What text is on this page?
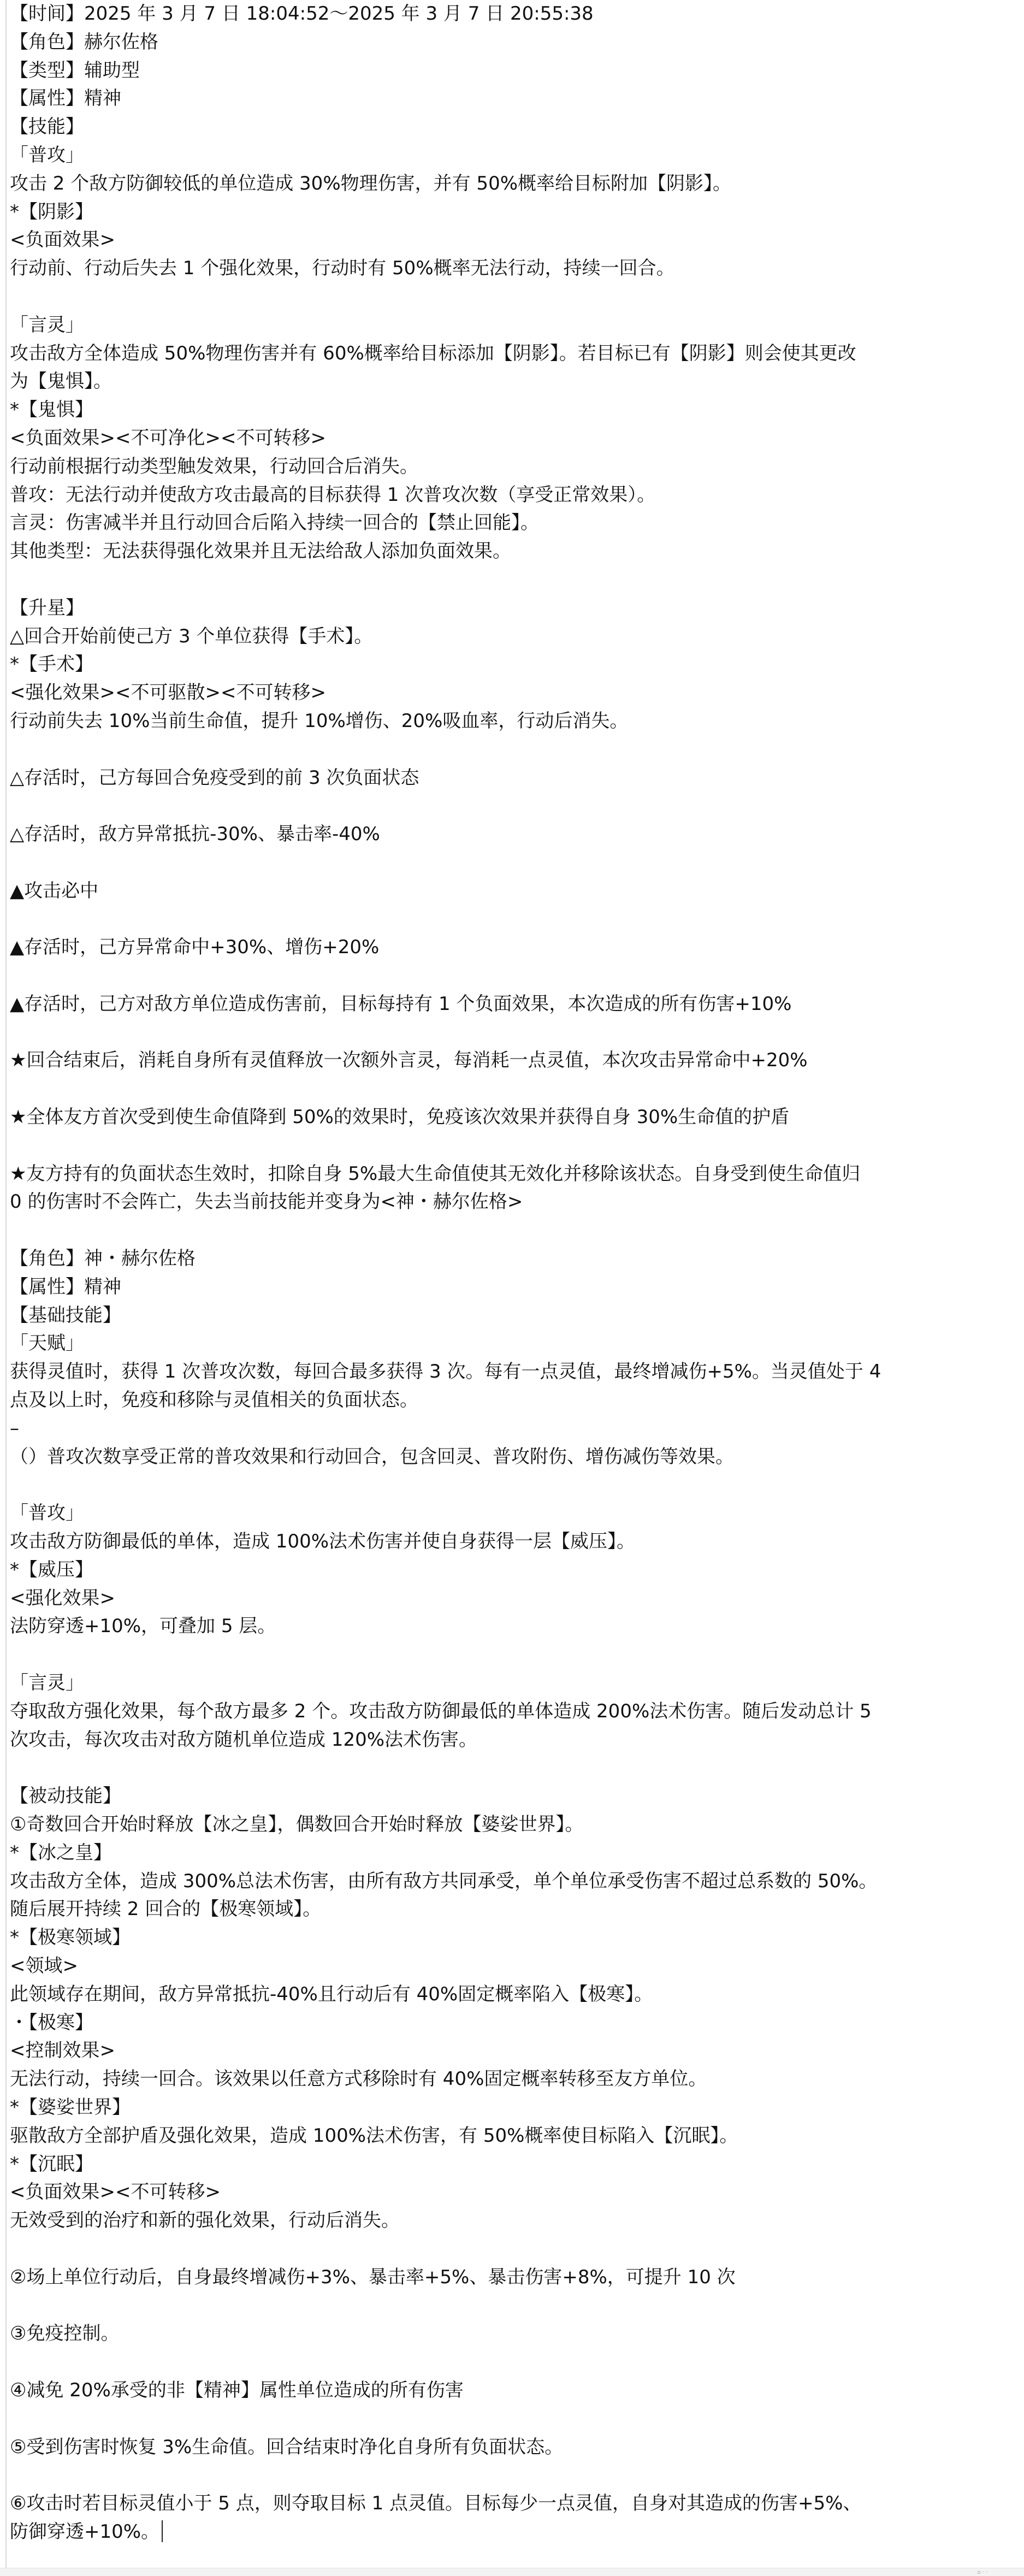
【时间】2025 年 3 月 7 日 18:04:52～2025 年 3 月 7 日 20:55:38
【角色】赫尔佐格
【类型】辅助型
【属性】精神
【技能】
「普攻」
攻击 2 个敌方防御较低的单位造成 30%物理伤害，并有 50%概率给目标附加【阴影】。
*【阴影】
<负面效果>
行动前、行动后失去 1 个强化效果，行动时有 50%概率无法行动，持续一回合。
「言灵」
攻击敌方全体造成 50%物理伤害并有 60%概率给目标添加【阴影】。若目标已有【阴影】则会使其更改
为【鬼惧】。
*【鬼惧】
<负面效果><不可净化><不可转移>
行动前根据行动类型触发效果，行动回合后消失。
普攻：无法行动并使敌方攻击最高的目标获得 1 次普攻次数（享受正常效果）。
言灵：伤害减半并且行动回合后陷入持续一回合的【禁止回能】。
其他类型：无法获得强化效果并且无法给敌人添加负面效果。
【升星】
△回合开始前使己方 3 个单位获得【手术】。
*【手术】
<强化效果><不可驱散><不可转移>
行动前失去 10%当前生命值，提升 10%增伤、20%吸血率，行动后消失。
△存活时，己方每回合免疫受到的前 3 次负面状态
△存活时，敌方异常抵抗-30%、暴击率-40%
▲攻击必中
▲存活时，己方异常命中+30%、增伤+20%
▲存活时，己方对敌方单位造成伤害前，目标每持有 1 个负面效果，本次造成的所有伤害+10%
★回合结束后，消耗自身所有灵值释放一次额外言灵，每消耗一点灵值，本次攻击异常命中+20%
★全体友方首次受到使生命值降到 50%的效果时，免疫该次效果并获得自身 30%生命值的护盾
★友方持有的负面状态生效时，扣除自身 5%最大生命值使其无效化并移除该状态。自身受到使生命值归
0 的伤害时不会阵亡，失去当前技能并变身为<神・赫尔佐格>
【角色】神・赫尔佐格
【属性】精神
【基础技能】
「天赋」
获得灵值时，获得 1 次普攻次数，每回合最多获得 3 次。每有一点灵值，最终增减伤+5%。当灵值处于 4
点及以上时，免疫和移除与灵值相关的负面状态。
–
（）普攻次数享受正常的普攻效果和行动回合，包含回灵、普攻附伤、增伤减伤等效果。
「普攻」
攻击敌方防御最低的单体，造成 100%法术伤害并使自身获得一层【威压】。
*【威压】
<强化效果>
法防穿透+10%，可叠加 5 层。
「言灵」
夺取敌方强化效果，每个敌方最多 2 个。攻击敌方防御最低的单体造成 200%法术伤害。随后发动总计 5
次攻击，每次攻击对敌方随机单位造成 120%法术伤害。
【被动技能】
①奇数回合开始时释放【冰之皇】，偶数回合开始时释放【婆娑世界】。
*【冰之皇】
攻击敌方全体，造成 300%总法术伤害，由所有敌方共同承受，单个单位承受伤害不超过总系数的 50%。
随后展开持续 2 回合的【极寒领域】。
*【极寒领域】
<领域>
此领域存在期间，敌方异常抵抗-40%且行动后有 40%固定概率陷入【极寒】。
・【极寒】
<控制效果>
无法行动，持续一回合。该效果以任意方式移除时有 40%固定概率转移至友方单位。
*【婆娑世界】
驱散敌方全部护盾及强化效果，造成 100%法术伤害，有 50%概率使目标陷入【沉眠】。
*【沉眠】
<负面效果><不可转移>
无效受到的治疗和新的强化效果，行动后消失。
②场上单位行动后，自身最终增减伤+3%、暴击率+5%、暴击伤害+8%，可提升 10 次
③免疫控制。
④减免 20%承受的非【精神】属性单位造成的所有伤害
⑤受到伤害时恢复 3%生命值。回合结束时净化自身所有负面状态。
⑥攻击时若目标灵值小于 5 点，则夺取目标 1 点灵值。目标每少一点灵值，自身对其造成的伤害+5%、
防御穿透+10%。
▫ · ·
